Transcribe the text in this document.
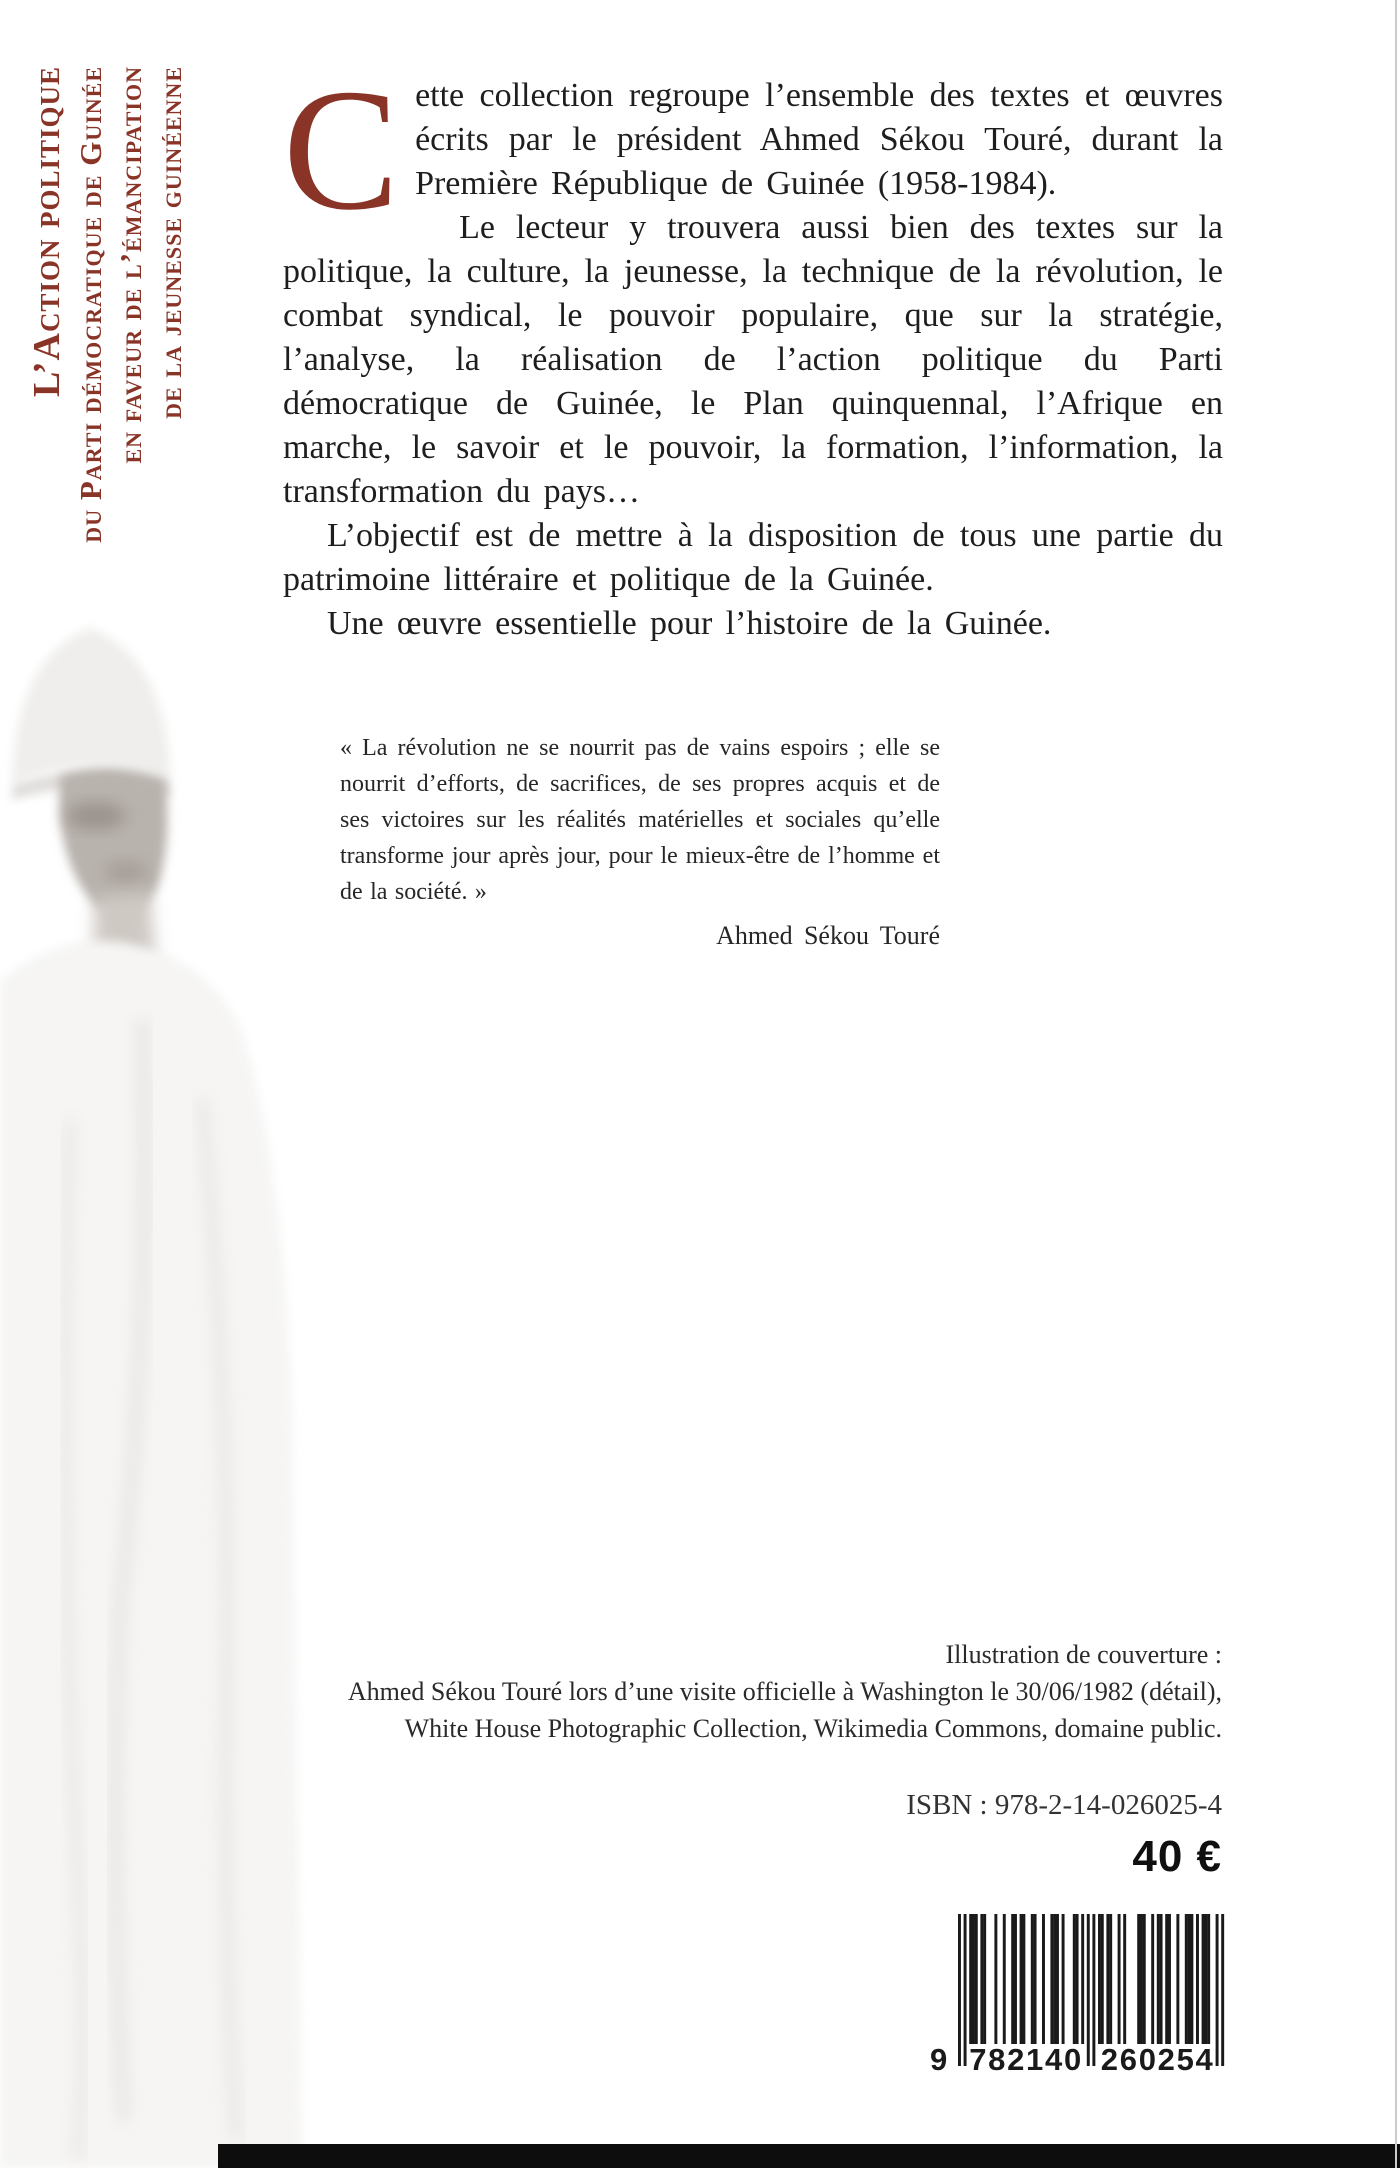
L’Action politique du Parti démocratique de Guinée en faveur de l’émancipation de la jeunesse guinéenne Cette collection regroupe l’ensemble des textes et œuvres écrits par le président Ahmed Sékou Touré, durant la Première République de Guinée (1958-1984).

Le lecteur y trouvera aussi bien des textes sur la politique, la culture, la jeunesse, la technique de la révolution, le combat syndical, le pouvoir populaire, que sur la stratégie, l’analyse, la réalisation de l’action politique du Parti démocratique de Guinée, le Plan quinquennal, l’Afrique en marche, le savoir et le pouvoir, la formation, l’information, la transformation du pays…

L’objectif est de mettre à la disposition de tous une partie du patrimoine littéraire et politique de la Guinée.

Une œuvre essentielle pour l’histoire de la Guinée.

« La révolution ne se nourrit pas de vains espoirs ; elle se nourrit d’efforts, de sacrifices, de ses propres acquis et de ses victoires sur les réalités matérielles et sociales qu’elle transforme jour après jour, pour le mieux-être de l’homme et de la société. »
Ahmed Sékou Touré
Illustration de couverture :
Ahmed Sékou Touré lors d’une visite officielle à Washington le 30/06/1982 (détail),
White House Photographic Collection, Wikimedia Commons, domaine public.
ISBN : 978-2-14-026025-4
40 €
9 782140 260254
